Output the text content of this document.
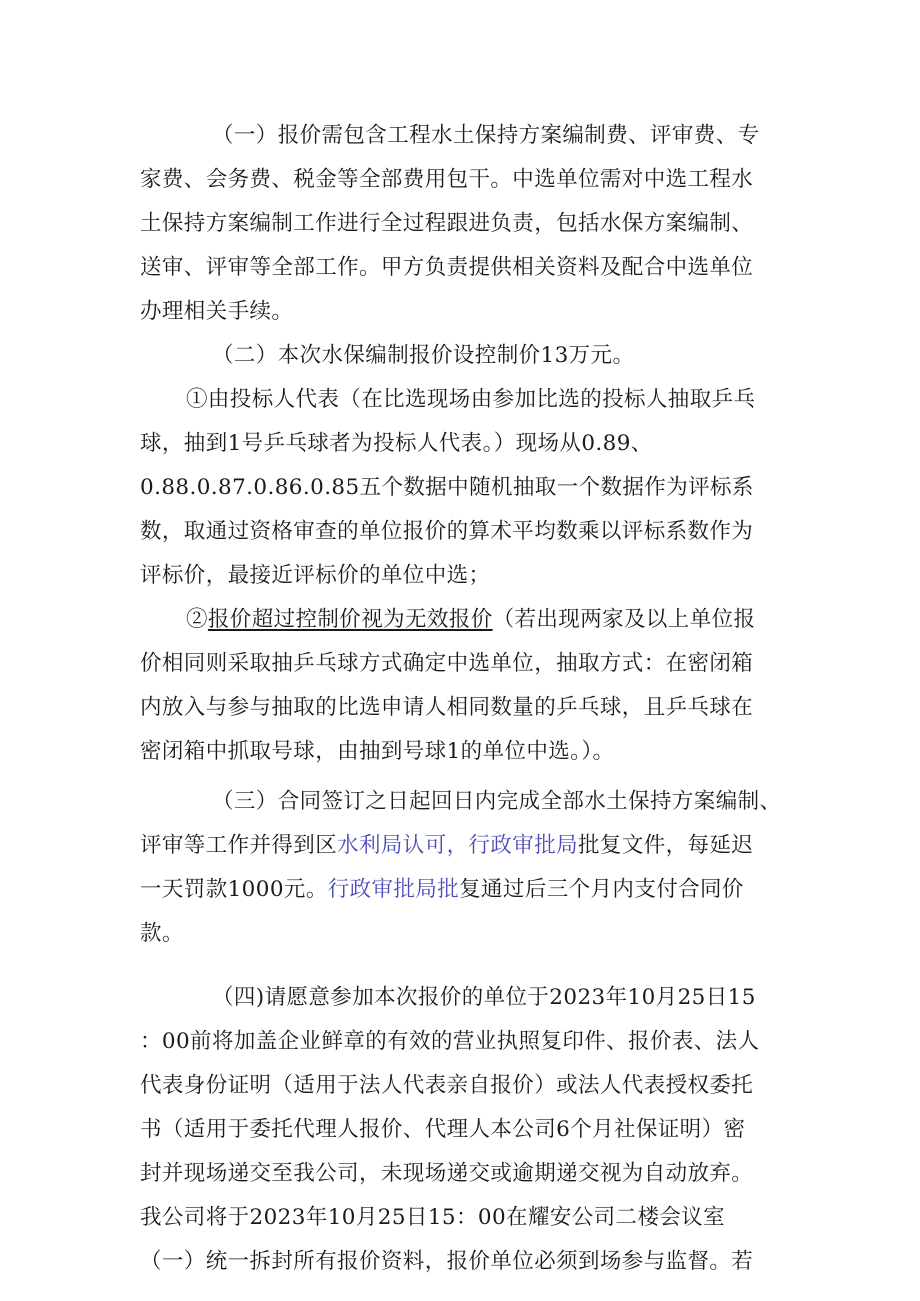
（一）报价需包含工程水土保持方案编制费、评审费、专
家费、会务费、税金等全部费用包干。中选单位需对中选工程水
土保持方案编制工作进行全过程跟进负责，包括水保方案编制、
送审、评审等全部工作。甲方负责提供相关资料及配合中选单位
办理相关手续。
（二）本次水保编制报价设控制价13万元。
①由投标人代表（在比选现场由参加比选的投标人抽取乒乓
球，抽到1号乒乓球者为投标人代表。）现场从0.89、
0.88.0.87.0.86.0.85五个数据中随机抽取一个数据作为评标系
数，取通过资格审查的单位报价的算术平均数乘以评标系数作为
评标价，最接近评标价的单位中选；
②报价超过控制价视为无效报价（若出现两家及以上单位报
价相同则采取抽乒乓球方式确定中选单位，抽取方式：在密闭箱
内放入与参与抽取的比选申请人相同数量的乒乓球，且乒乓球在
密闭箱中抓取号球，由抽到号球1的单位中选。）。
（三）合同签订之日起回日内完成全部水土保持方案编制、
评审等工作并得到区水利局认可，行政审批局批复文件，每延迟
一天罚款1000元。行政审批局批复通过后三个月内支付合同价
款。
（四)请愿意参加本次报价的单位于2023年10月25日15
：00前将加盖企业鲜章的有效的营业执照复印件、报价表、法人
代表身份证明（适用于法人代表亲自报价）或法人代表授权委托
书（适用于委托代理人报价、代理人本公司6个月社保证明）密
封并现场递交至我公司，未现场递交或逾期递交视为自动放弃。
我公司将于2023年10月25日15：00在耀安公司二楼会议室
（一）统一拆封所有报价资料，报价单位必须到场参与监督。若
